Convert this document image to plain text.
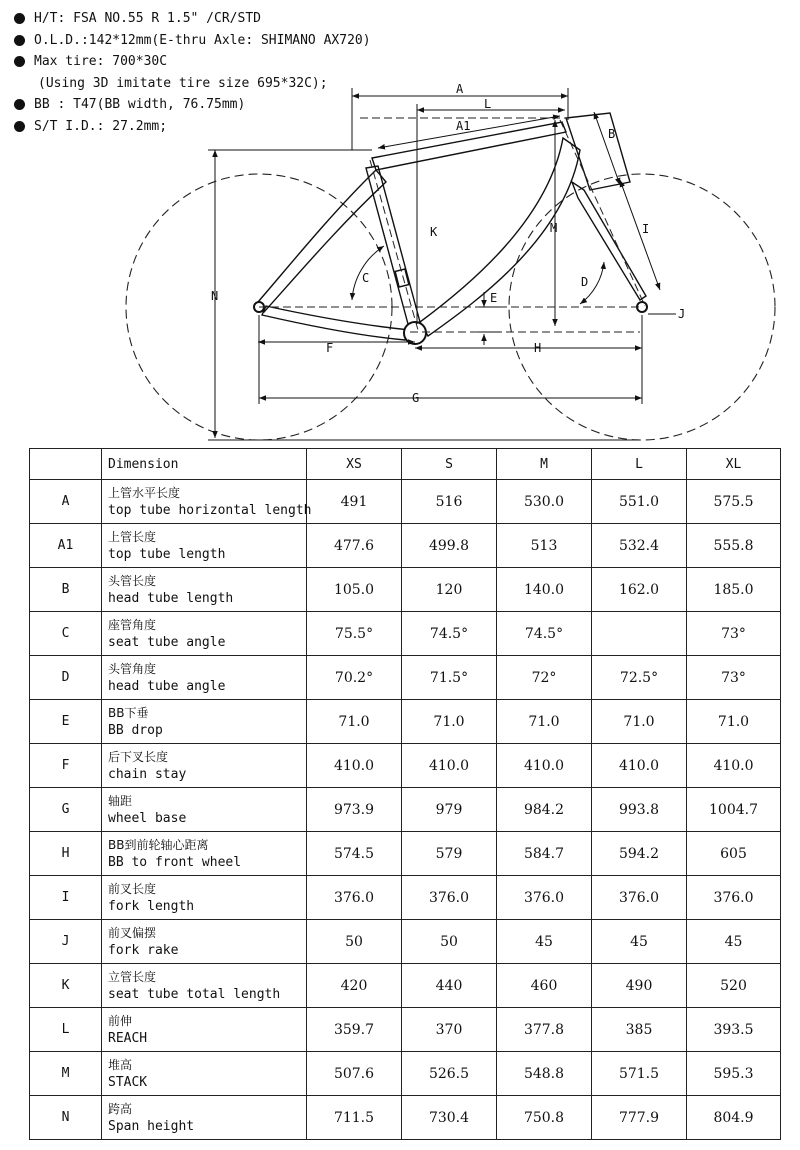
H/T: FSA NO.55 R 1.5" /CR/STD
O.L.D.:142*12mm(E-thru Axle: SHIMANO AX720)
Max tire: 700*30C
(Using 3D imitate tire size 695*32C);
BB : T47(BB width, 76.75mm)
S/T I.D.: 27.2mm;
A
L
A1
B
K	M	I
C	D
E
J
N
F	H
G
	Dimension	XS	S	M	L	XL
A	上管水平长度
top tube horizontal length	491	516	530.0	551.0	575.5
A1	上管长度
top tube length	477.6	499.8	513	532.4	555.8
B	头管长度
head tube length	105.0	120	140.0	162.0	185.0
C	座管角度
seat tube angle	75.5°	74.5°	74.5°		73°
D	头管角度
head tube angle	70.2°	71.5°	72°	72.5°	73°
E	BB下垂
BB drop	71.0	71.0	71.0	71.0	71.0
F	后下叉长度
chain stay	410.0	410.0	410.0	410.0	410.0
G	轴距
wheel base	973.9	979	984.2	993.8	1004.7
H	BB到前轮轴心距离
BB to front wheel	574.5	579	584.7	594.2	605
I	前叉长度
fork length	376.0	376.0	376.0	376.0	376.0
J	前叉偏摆
fork rake	50	50	45	45	45
K	立管长度
seat tube total length	420	440	460	490	520
L	前伸
REACH	359.7	370	377.8	385	393.5
M	堆高
STACK	507.6	526.5	548.8	571.5	595.3
N	跨高
Span height	711.5	730.4	750.8	777.9	804.9
